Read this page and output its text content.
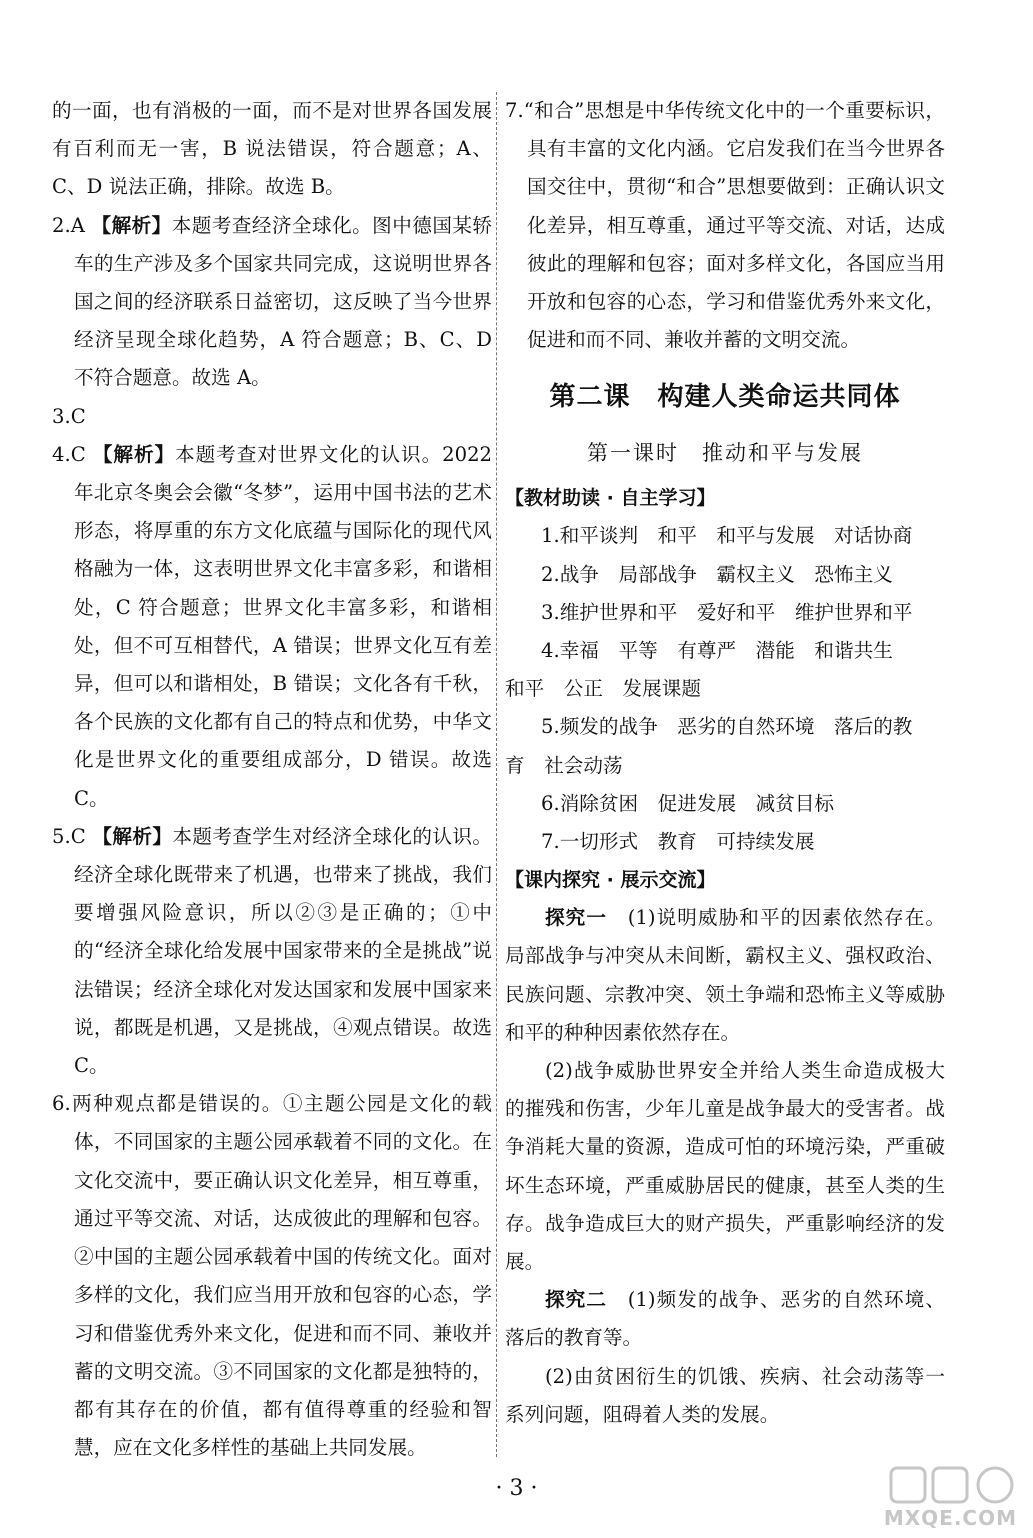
的一面，也有消极的一面，而不是对世界各国发展有百利而无一害，B 说法错误，符合题意；A、C、D 说法正确，排除。故选 B。

2.A 【解析】本题考查经济全球化。图中德国某轿车的生产涉及多个国家共同完成，这说明世界各国之间的经济联系日益密切，这反映了当今世界经济呈现全球化趋势，A 符合题意；B、C、D 不符合题意。故选 A。

3.C

4.C 【解析】本题考查对世界文化的认识。2022 年北京冬奥会会徽“冬梦”，运用中国书法的艺术形态，将厚重的东方文化底蕴与国际化的现代风格融为一体，这表明世界文化丰富多彩，和谐相处，C 符合题意；世界文化丰富多彩，和谐相处，但不可互相替代，A 错误；世界文化互有差异，但可以和谐相处，B 错误；文化各有千秋，各个民族的文化都有自己的特点和优势，中华文化是世界文化的重要组成部分，D 错误。故选 C。

5.C 【解析】本题考查学生对经济全球化的认识。经济全球化既带来了机遇，也带来了挑战，我们要增强风险意识，所以②③是正确的；①中的“经济全球化给发展中国家带来的全是挑战”说法错误；经济全球化对发达国家和发展中国家来说，都既是机遇，又是挑战，④观点错误。故选 C。

6.两种观点都是错误的。①主题公园是文化的载体，不同国家的主题公园承载着不同的文化。在文化交流中，要正确认识文化差异，相互尊重，通过平等交流、对话，达成彼此的理解和包容。②中国的主题公园承载着中国的传统文化。面对多样的文化，我们应当用开放和包容的心态，学习和借鉴优秀外来文化，促进和而不同、兼收并蓄的文明交流。③不同国家的文化都是独特的，都有其存在的价值，都有值得尊重的经验和智慧，应在文化多样性的基础上共同发展。

7.“和合”思想是中华传统文化中的一个重要标识，具有丰富的文化内涵。它启发我们在当今世界各国交往中，贯彻“和合”思想要做到：正确认识文化差异，相互尊重，通过平等交流、对话，达成彼此的理解和包容；面对多样文化，各国应当用开放和包容的心态，学习和借鉴优秀外来文化，促进和而不同、兼收并蓄的文明交流。

第二课　构建人类命运共同体
第一课时　推动和平与发展
【教材助读 · 自主学习】

1.和平谈判　和平　和平与发展　对话协商

2.战争　局部战争　霸权主义　恐怖主义

3.维护世界和平　爱好和平　维护世界和平

4.幸福　平等　有尊严　潜能　和谐共生

和平　公正　发展课题

5.频发的战争　恶劣的自然环境　落后的教

育　社会动荡

6.消除贫困　促进发展　减贫目标

7.一切形式　教育　可持续发展

【课内探究 · 展示交流】

探究一　 (1)说明威胁和平的因素依然存在。局部战争与冲突从未间断，霸权主义、强权政治、民族问题、宗教冲突、领土争端和恐怖主义等威胁和平的种种因素依然存在。

(2)战争威胁世界安全并给人类生命造成极大的摧残和伤害，少年儿童是战争最大的受害者。战争消耗大量的资源，造成可怕的环境污染，严重破坏生态环境，严重威胁居民的健康，甚至人类的生存。战争造成巨大的财产损失，严重影响经济的发展。

探究二　 (1)频发的战争、恶劣的自然环境、落后的教育等。

(2)由贫困衍生的饥饿、疾病、社会动荡等一系列问题，阻碍着人类的发展。

· 3 ·
MXQE.COM
